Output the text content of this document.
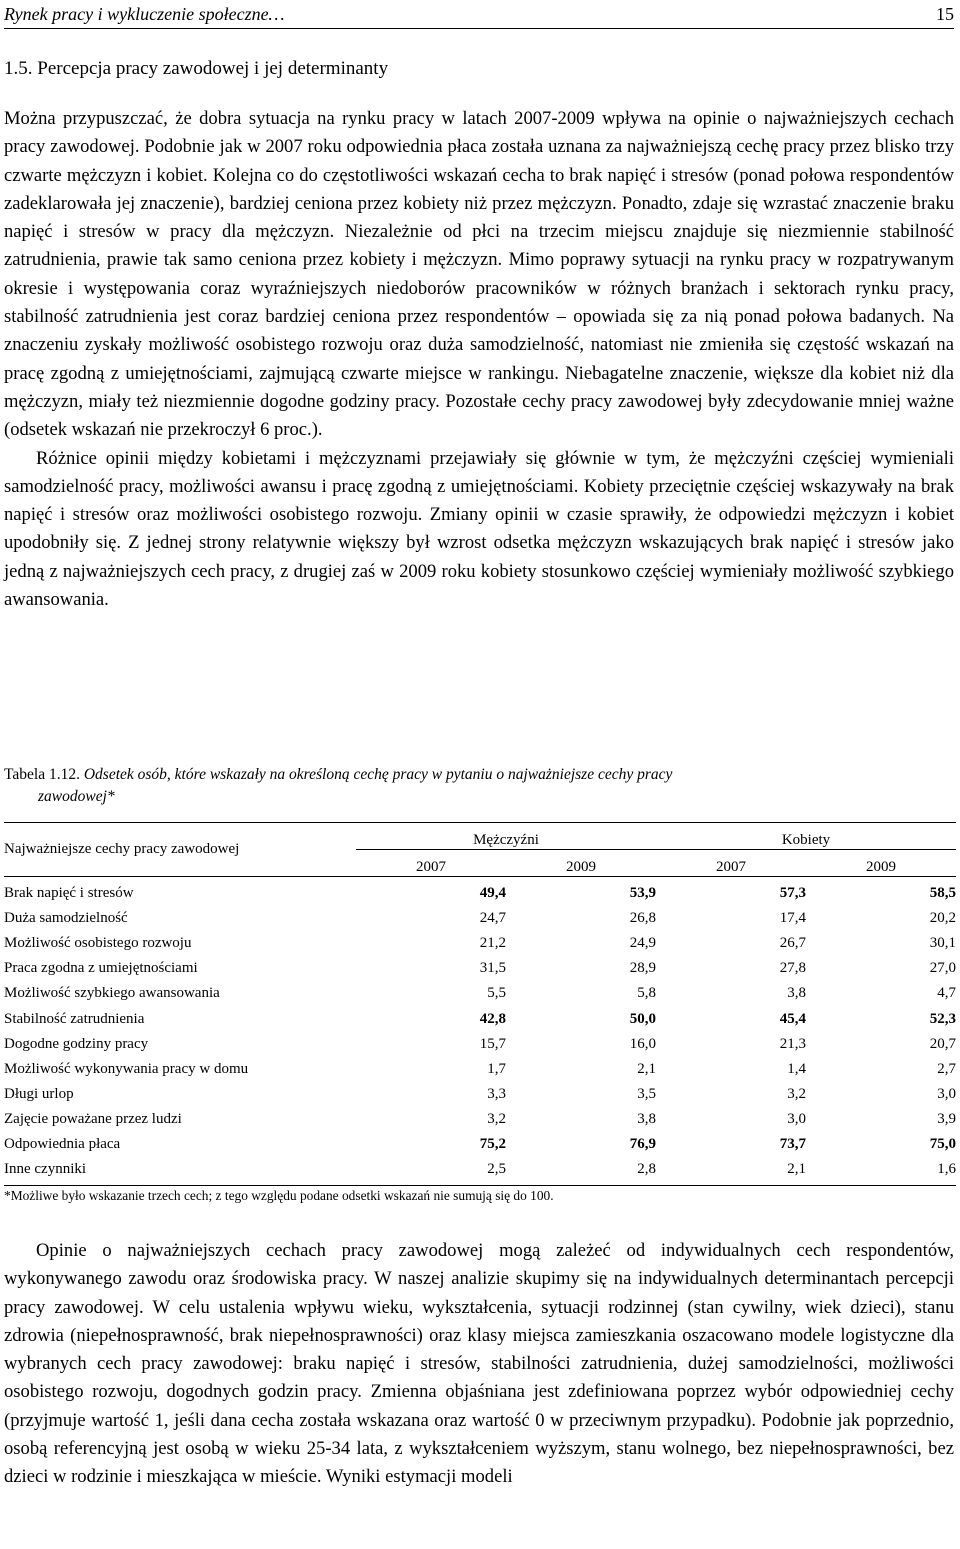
Rynek pracy i wykluczenie społeczne…	15
1.5. Percepcja pracy zawodowej i jej determinanty

Można przypuszczać, że dobra sytuacja na rynku pracy w latach 2007-2009 wpływa na opinie o najważniejszych cechach pracy zawodowej. Podobnie jak w 2007 roku odpowiednia płaca została uznana za najważniejszą cechę pracy przez blisko trzy czwarte mężczyzn i kobiet. Kolejna co do częstotliwości wskazań cecha to brak napięć i stresów (ponad połowa respondentów zadeklarowała jej znaczenie), bardziej ceniona przez kobiety niż przez mężczyzn. Ponadto, zdaje się wzrastać znaczenie braku napięć i stresów w pracy dla mężczyzn. Niezależnie od płci na trzecim miejscu znajduje się niezmiennie stabilność zatrudnienia, prawie tak samo ceniona przez kobiety i mężczyzn. Mimo poprawy sytuacji na rynku pracy w rozpatrywanym okresie i występowania coraz wyraźniejszych niedoborów pracowników w różnych branżach i sektorach rynku pracy, stabilność zatrudnienia jest coraz bardziej ceniona przez respondentów – opowiada się za nią ponad połowa badanych. Na znaczeniu zyskały możliwość osobistego rozwoju oraz duża samodzielność, natomiast nie zmieniła się częstość wskazań na pracę zgodną z umiejętnościami, zajmującą czwarte miejsce w rankingu. Niebagatelne znaczenie, większe dla kobiet niż dla mężczyzn, miały też niezmiennie dogodne godziny pracy. Pozostałe cechy pracy zawodowej były zdecydowanie mniej ważne (odsetek wskazań nie przekroczył 6 proc.).

Różnice opinii między kobietami i mężczyznami przejawiały się głównie w tym, że mężczyźni częściej wymieniali samodzielność pracy, możliwości awansu i pracę zgodną z umiejętnościami. Kobiety przeciętnie częściej wskazywały na brak napięć i stresów oraz możliwości osobistego rozwoju. Zmiany opinii w czasie sprawiły, że odpowiedzi mężczyzn i kobiet upodobniły się. Z jednej strony relatywnie większy był wzrost odsetka mężczyzn wskazujących brak napięć i stresów jako jedną z najważniejszych cech pracy, z drugiej zaś w 2009 roku kobiety stosunkowo częściej wymieniały możliwość szybkiego awansowania.

Tabela 1.12. Odsetek osób, które wskazały na określoną cechę pracy w pytaniu o najważniejsze cechy pracy
zawodowej*
Najważniejsze cechy pracy zawodowej	Mężczyźni		Kobiety	
	2007	2009	2007	2009
Brak napięć i stresów	49,4	53,9	57,3	58,5
Duża samodzielność	24,7	26,8	17,4	20,2
Możliwość osobistego rozwoju	21,2	24,9	26,7	30,1
Praca zgodna z umiejętnościami	31,5	28,9	27,8	27,0
Możliwość szybkiego awansowania	5,5	5,8	3,8	4,7
Stabilność zatrudnienia	42,8	50,0	45,4	52,3
Dogodne godziny pracy	15,7	16,0	21,3	20,7
Możliwość wykonywania pracy w domu	1,7	2,1	1,4	2,7
Długi urlop	3,3	3,5	3,2	3,0
Zajęcie poważane przez ludzi	3,2	3,8	3,0	3,9
Odpowiednia płaca	75,2	76,9	73,7	75,0
Inne czynniki	2,5	2,8	2,1	1,6
*Możliwe było wskazanie trzech cech; z tego względu podane odsetki wskazań nie sumują się do 100.

Opinie o najważniejszych cechach pracy zawodowej mogą zależeć od indywidualnych cech respondentów, wykonywanego zawodu oraz środowiska pracy. W naszej analizie skupimy się na indywidualnych determinantach percepcji pracy zawodowej. W celu ustalenia wpływu wieku, wykształcenia, sytuacji rodzinnej (stan cywilny, wiek dzieci), stanu zdrowia (niepełnosprawność, brak niepełnosprawności) oraz klasy miejsca zamieszkania oszacowano modele logistyczne dla wybranych cech pracy zawodowej: braku napięć i stresów, stabilności zatrudnienia, dużej samodzielności, możliwości osobistego rozwoju, dogodnych godzin pracy. Zmienna objaśniana jest zdefiniowana poprzez wybór odpowiedniej cechy (przyjmuje wartość 1, jeśli dana cecha została wskazana oraz wartość 0 w przeciwnym przypadku). Podobnie jak poprzednio, osobą referencyjną jest osobą w wieku 25-34 lata, z wykształceniem wyższym, stanu wolnego, bez niepełnosprawności, bez dzieci w rodzinie i mieszkająca w mieście. Wyniki estymacji modeli
